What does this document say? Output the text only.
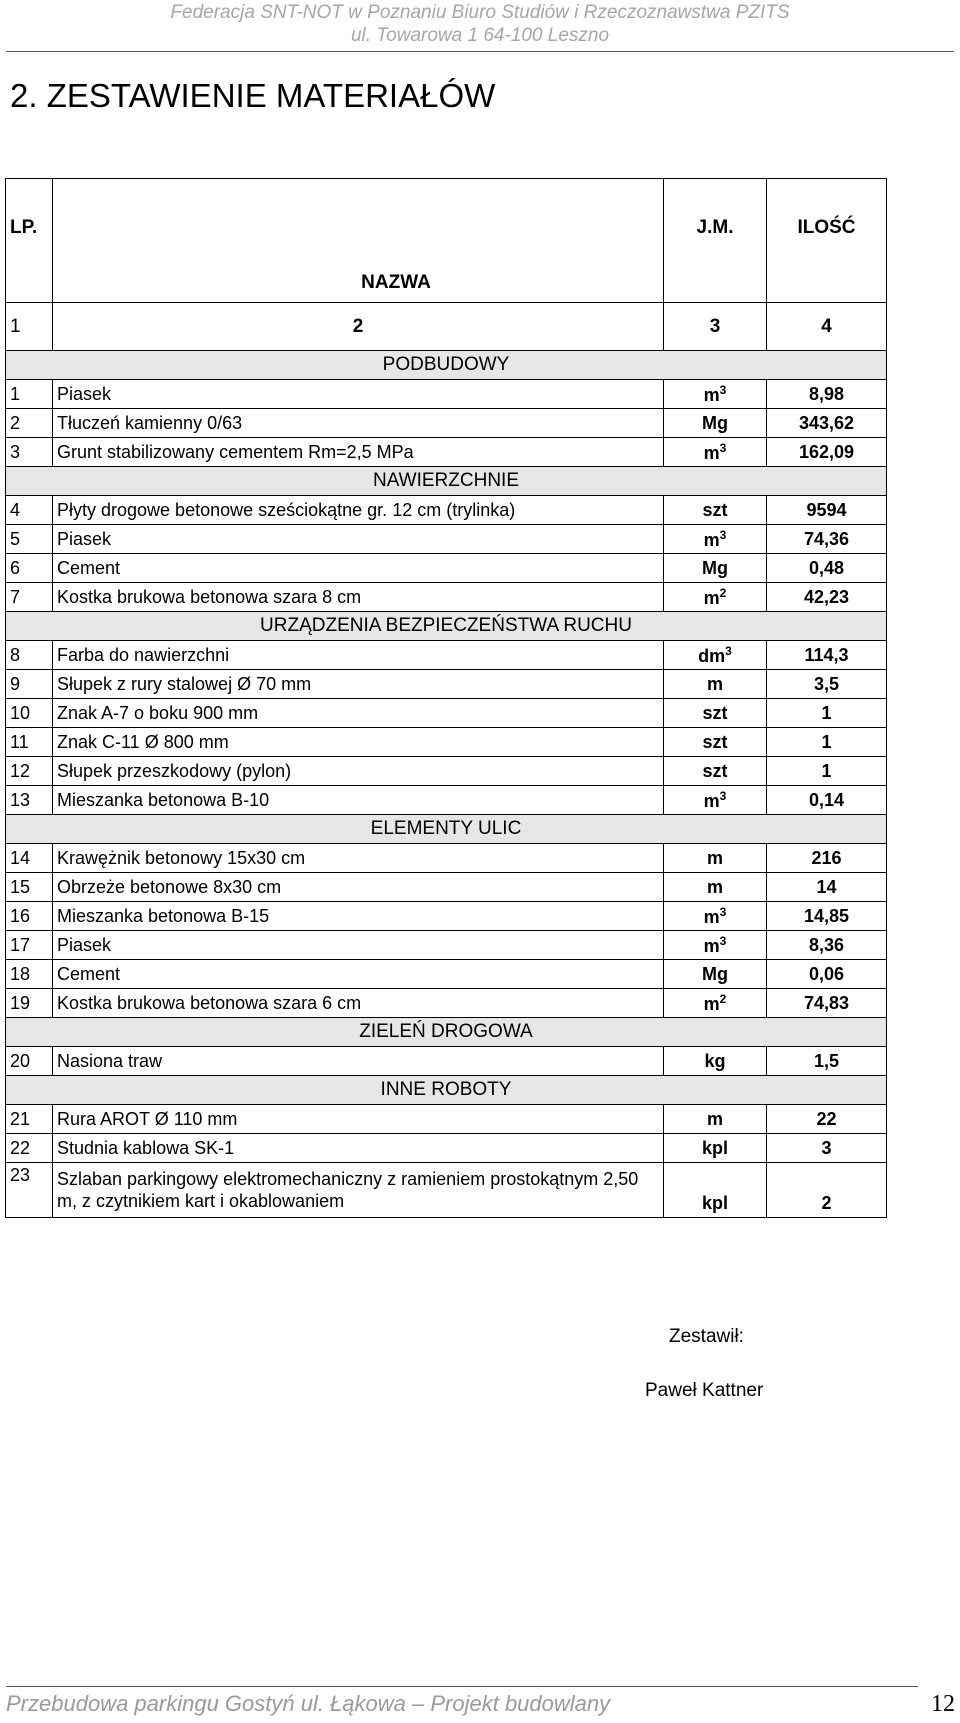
Federacja SNT-NOT w Poznaniu Biuro Studiów i Rzeczoznawstwa PZITS
ul. Towarowa 1 64-100 Leszno
2. ZESTAWIENIE MATERIAŁÓW
LP.	NAZWA	J.M.	ILOŚĆ
1	2	3	4
PODBUDOWY			
1	Piasek	$m^3$	8,98
2	Tłuczeń kamienny 0/63	Mg	343,62
3	Grunt stabilizowany cementem Rm=2,5 MPa	$m^3$	162,09
NAWIERZCHNIE			
4	Płyty drogowe betonowe sześciokątne gr. 12 cm (trylinka)	szt	9594
5	Piasek	$m^3$	74,36
6	Cement	Mg	0,48
7	Kostka brukowa betonowa szara 8 cm	$m^2$	42,23
URZĄDZENIA BEZPIECZEŃSTWA RUCHU			
8	Farba do nawierzchni	$dm^3$	114,3
9	Słupek z rury stalowej Ø 70 mm	m	3,5
10	Znak A-7 o boku 900 mm	szt	1
11	Znak C-11 Ø 800 mm	szt	1
12	Słupek przeszkodowy (pylon)	szt	1
13	Mieszanka betonowa B-10	$m^3$	0,14
ELEMENTY ULIC			
14	Krawężnik betonowy 15x30 cm	m	216
15	Obrzeże betonowe 8x30 cm	m	14
16	Mieszanka betonowa B-15	$m^3$	14,85
17	Piasek	$m^3$	8,36
18	Cement	Mg	0,06
19	Kostka brukowa betonowa szara 6 cm	$m^2$	74,83
ZIELEŃ DROGOWA			
20	Nasiona traw	kg	1,5
INNE ROBOTY			
21	Rura AROT Ø 110 mm	m	22
22	Studnia kablowa SK-1	kpl	3
23	Szlaban parkingowy elektromechaniczny z ramieniem prostokątnym 2,50 m, z czytnikiem kart i okablowaniem	kpl	2
Zestawił:
Paweł Kattner
Przebudowa parkingu Gostyń ul. Łąkowa – Projekt budowlany	12
